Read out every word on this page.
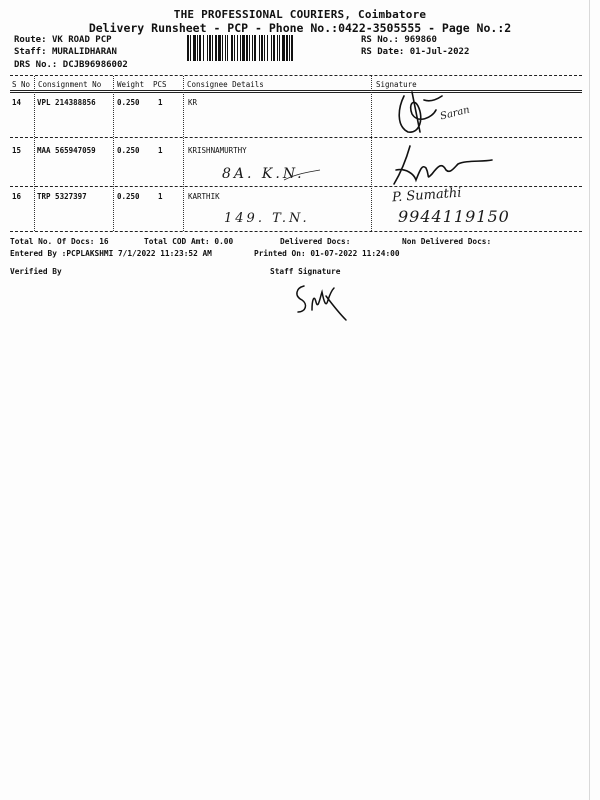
THE PROFESSIONAL COURIERS, Coimbatore
Delivery Runsheet - PCP - Phone No.:0422-3505555 - Page No.:2
Route: VK ROAD PCP
Staff: MURALIDHARAN
DRS No.: DCJB96986002
RS No.: 969860
RS Date: 01-Jul-2022
S No Consignment No Weight PCS	Consignee Details	Signature
14 VPL 214388856	0.250 1	KR
Saran
15 MAA 565947059	0.250 1	KRISHNAMURTHY
8A. K.N.
16 TRP 5327397	0.250 1	KARTHIK
149. T.N.
P. Sumathi
9944119150
Total No. Of Docs: 16	Total COD Amt: 0.00	Delivered Docs:	Non Delivered Docs:
Entered By :PCPLAKSHMI 7/1/2022 11:23:52 AM	Printed On: 01-07-2022 11:24:00
Verified By	Staff Signature
